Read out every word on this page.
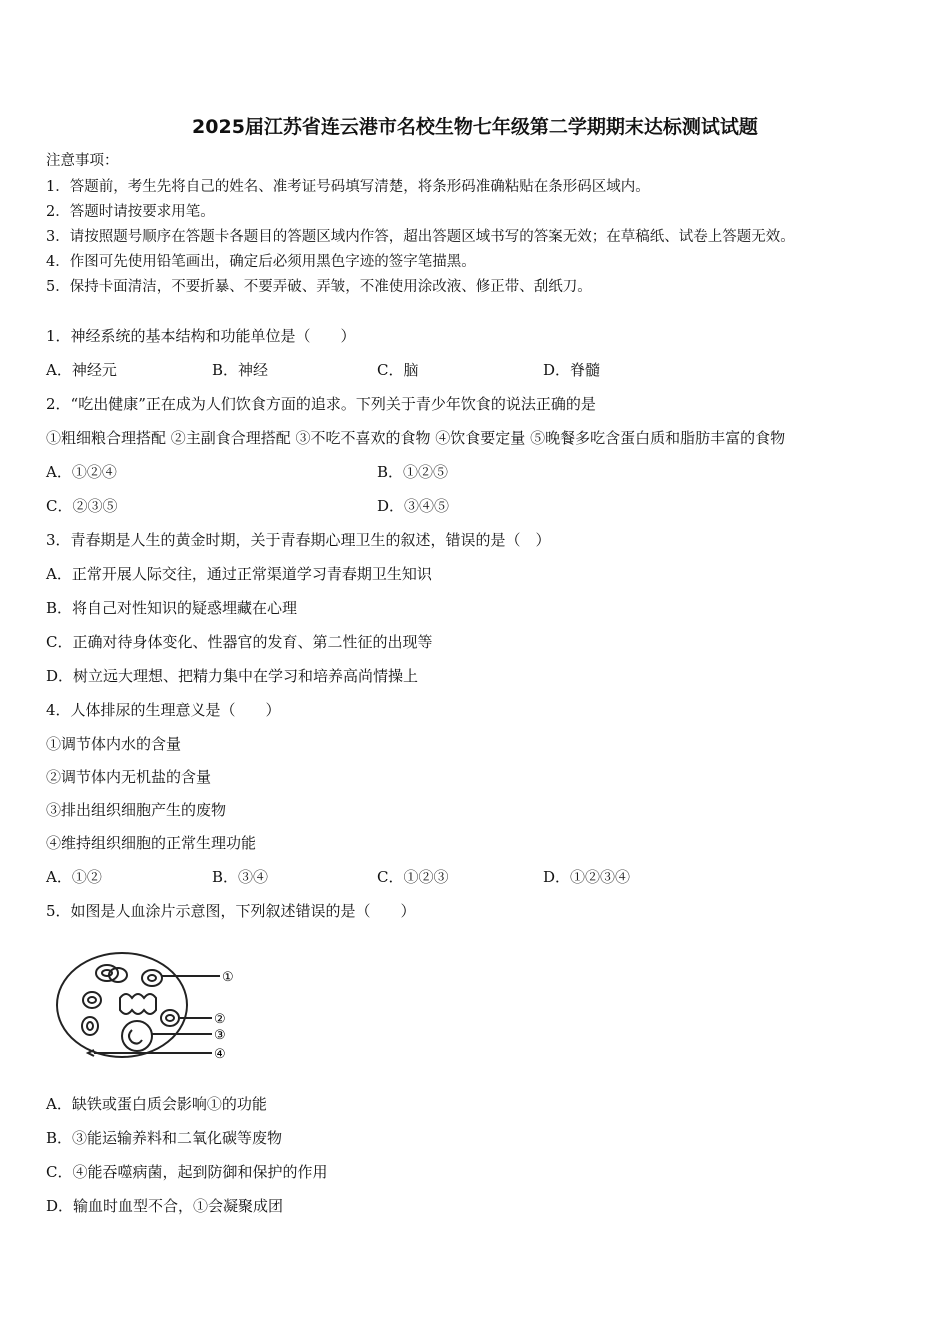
2025届江苏省连云港市名校生物七年级第二学期期末达标测试试题
注意事项：
1．答题前，考生先将自己的姓名、准考证号码填写清楚，将条形码准确粘贴在条形码区域内。
2．答题时请按要求用笔。
3．请按照题号顺序在答题卡各题目的答题区域内作答，超出答题区域书写的答案无效；在草稿纸、试卷上答题无效。
4．作图可先使用铅笔画出，确定后必须用黑色字迹的签字笔描黑。
5．保持卡面清洁，不要折暴、不要弄破、弄皱，不准使用涂改液、修正带、刮纸刀。
1．神经系统的基本结构和功能单位是（　　）
A．神经元	B．神经	C．脑	D．脊髓
2．“吃出健康”正在成为人们饮食方面的追求。下列关于青少年饮食的说法正确的是
①粗细粮合理搭配 ②主副食合理搭配 ③不吃不喜欢的食物 ④饮食要定量 ⑤晚餐多吃含蛋白质和脂肪丰富的食物
A．①②④	B．①②⑤
C．②③⑤	D．③④⑤
3．青春期是人生的黄金时期，关于青春期心理卫生的叙述，错误的是（　）
A．正常开展人际交往，通过正常渠道学习青春期卫生知识
B．将自己对性知识的疑惑埋藏在心理
C．正确对待身体变化、性器官的发育、第二性征的出现等
D．树立远大理想、把精力集中在学习和培养高尚情操上
4．人体排尿的生理意义是（　　）
①调节体内水的含量
②调节体内无机盐的含量
③排出组织细胞产生的废物
④维持组织细胞的正常生理功能
A．①②	B．③④	C．①②③	D．①②③④
5．如图是人血涂片示意图，下列叙述错误的是（　　）
①
②
③
④
A．缺铁或蛋白质会影响①的功能
B．③能运输养料和二氧化碳等废物
C．④能吞噬病菌，起到防御和保护的作用
D．输血时血型不合，①会凝聚成团
